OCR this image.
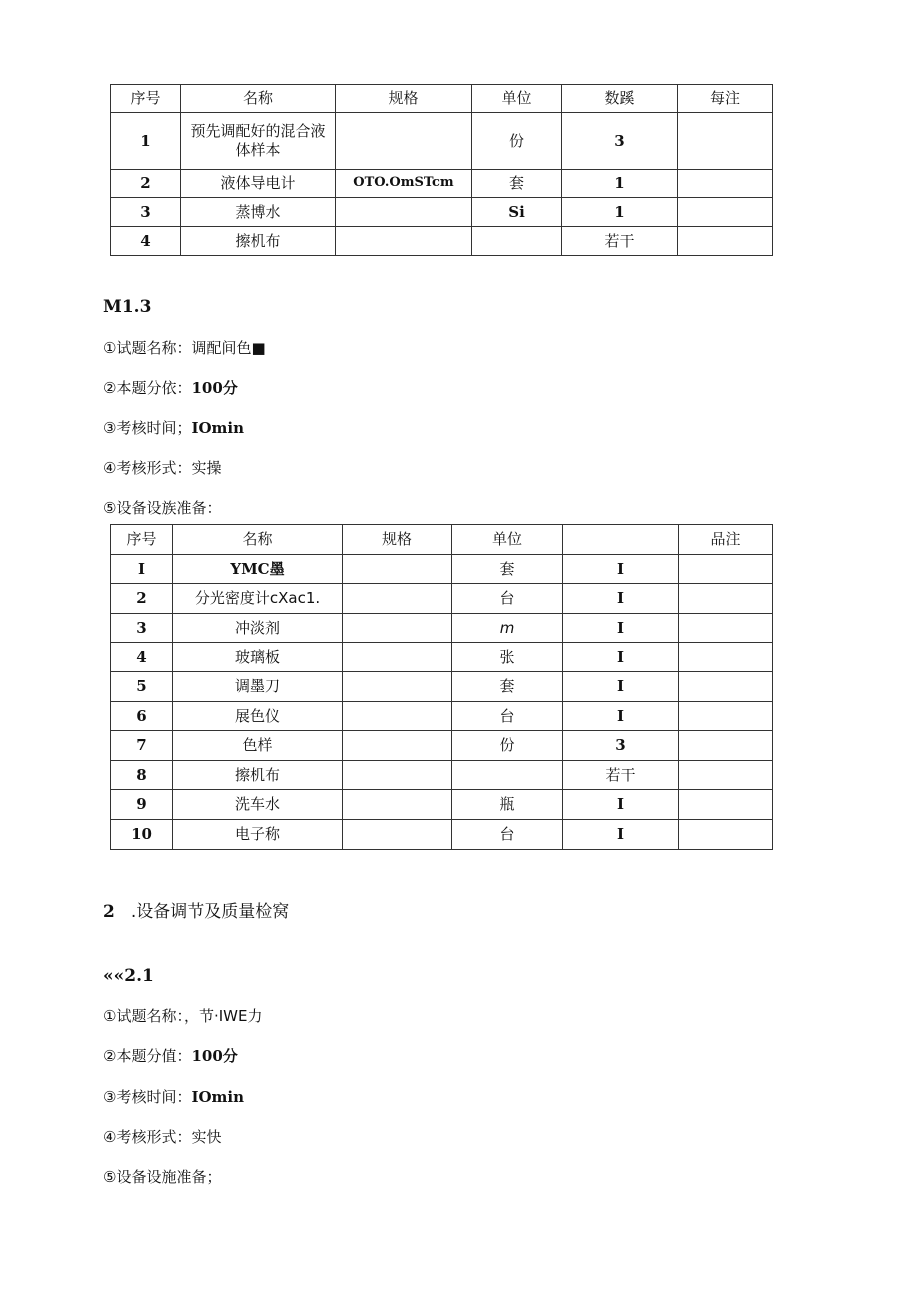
序号	名称	规格	单位	数蹊	每注
1	预先调配好的混合液
体样本		份	3	
2	液体导电计	OTO.OmSTcm	套	1	
3	蒸博水		Si	1	
4	擦机布			若干	
M1.3
①试题名称：调配间色■
②本题分依：100分
③考核时间；IOmin
④考核形式：实操
⑤设备设族准备：
序号	名称	规格	单位		品注
I	YMC墨		套	I	
2	分光密度计cXac1.		台	I	
3	冲淡剂		m	I	
4	玻璃板		张	I	
5	调墨刀		套	I	
6	展色仪		台	I	
7	色样		份	3	
8	擦机布			若干	
9	洗车水		瓶	I	
10	电子称		台	I	
2 .设备调节及质量检窝
««2.1
①试题名称：，节·IWE力
②本题分值：100分
③考核时间：IOmin
④考核形式：实快
⑤设备设施准备；
